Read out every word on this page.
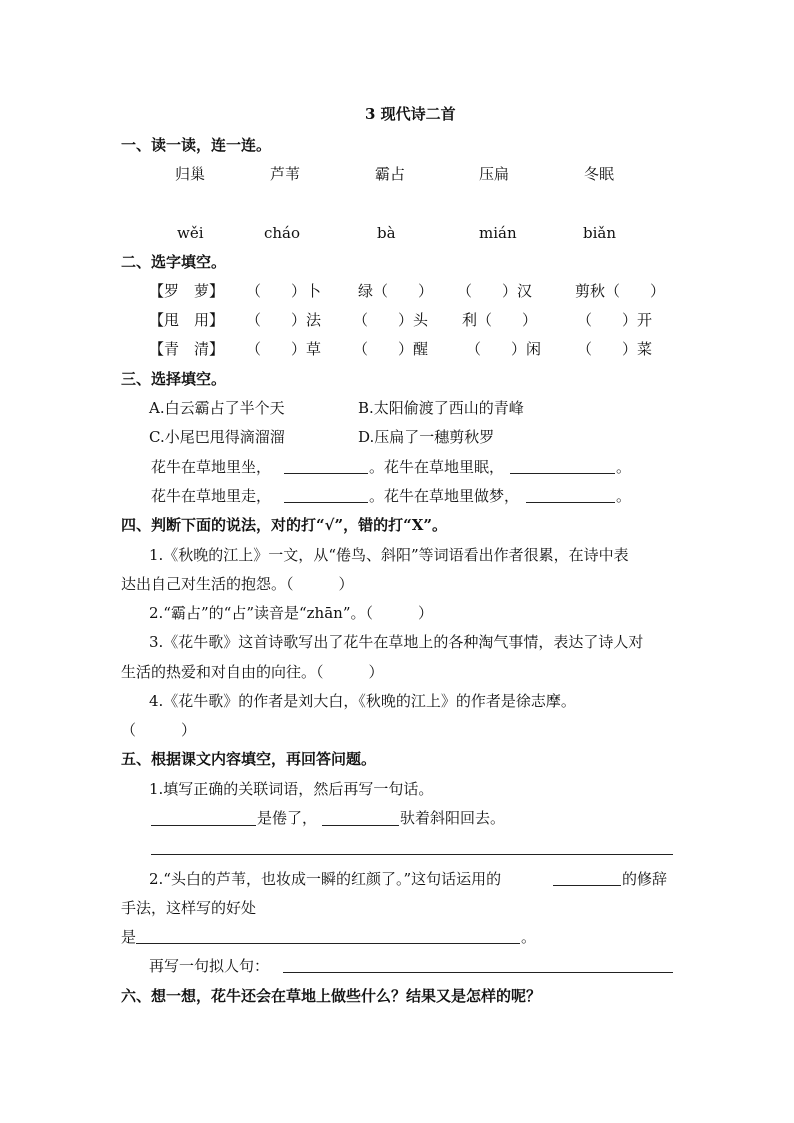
3 现代诗二首
一、读一读，连一连。
归巢	芦苇	霸占	压扁	冬眠
wěi	cháo	bà	mián	biǎn
二、选字填空。
【罗　萝】 （　　）卜 绿（　　） （　　）汉	剪秋（　　）
【甩　用】 （　　）法 （　　）头 利（　　）	（　　）开
【青　清】 （　　）草 （　　）醒	（　　）闲 （　　）菜
三、选择填空。
A.白云霸占了半个天	B.太阳偷渡了西山的青峰
C.小尾巴甩得滴溜溜	D.压扁了一穗剪秋罗
花牛在草地里坐，	。花牛在草地里眠，	。
花牛在草地里走，	。花牛在草地里做梦，	。
四、判断下面的说法，对的打“√”，错的打“X”。
1.《秋晚的江上》一文，从“倦鸟、斜阳”等词语看出作者很累，在诗中表
达出自己对生活的抱怨。（　　　）
2.“霸占”的“占”读音是“zhān”。（　　　）
3.《花牛歌》这首诗歌写出了花牛在草地上的各种淘气事情，表达了诗人对
生活的热爱和对自由的向往。（　　　）
4.《花牛歌》的作者是刘大白，《秋晚的江上》的作者是徐志摩。
（　　　）
五、根据课文内容填空，再回答问题。
1.填写正确的关联词语，然后再写一句话。
是倦了，	驮着斜阳回去。
2.“头白的芦苇，也妆成一瞬的红颜了。”这句话运用的	的修辞
手法，这样写的好处
是	。
再写一句拟人句：
六、想一想，花牛还会在草地上做些什么？结果又是怎样的呢？
